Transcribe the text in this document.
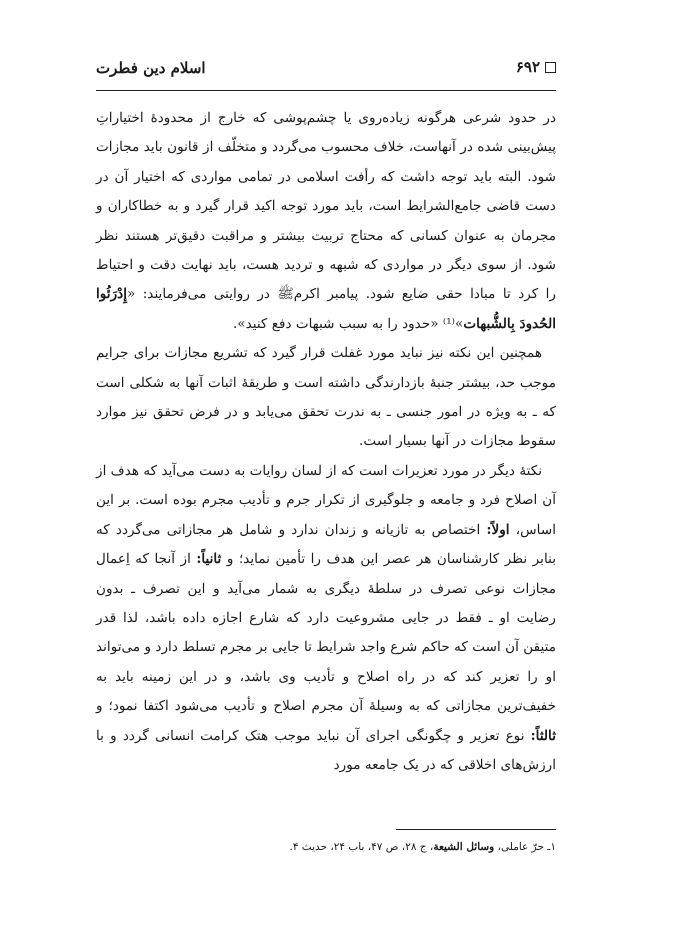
۶۹۲
اسلام دین فطرت

در حدود شرعی هرگونه زیاده‌روی یا چشم‌پوشی که خارج از محدودهٔ اختیاراتِ پیش‌بینی شده در آنهاست، خلاف محسوب می‌گردد و متخلّف از قانون باید مجازات شود. البته باید توجه داشت که رأفت اسلامی در تمامی مواردی که اختیار آن در دست قاضی جامع‌الشرایط است، باید مورد توجه اکید قرار گیرد و به خطاکاران و مجرمان به عنوان کسانی که محتاج تربیت بیشتر و مراقبت دقیق‌تر هستند نظر شود. از سوی دیگر در مواردی که شبهه و تردید هست، باید نهایت دقت و احتیاط را کرد تا مبادا حقی ضایع شود. پیامبر اکرمﷺ در روایتی می‌فرمایند: «إِدْرَئُوا الحُدودَ بِالشُّبهات»⁽¹⁾ «حدود را به سبب شبهات دفع کنید».

همچنین این نکته نیز نباید مورد غفلت قرار گیرد که تشریع مجازات برای جرایم موجب حد، بیشتر جنبهٔ بازدارندگی داشته است و طریقهٔ اثبات آنها به شکلی است که ـ به ویژه در امور جنسی ـ به ندرت تحقق می‌یابد و در فرض تحقق نیز موارد سقوط مجازات در آنها بسیار است.

نکتهٔ دیگر در مورد تعزیرات است که از لسان روایات به دست می‌آید که هدف از آن اصلاح فرد و جامعه و جلوگیری از تکرار جرم و تأدیب مجرم بوده است. بر این اساس، اولاً: اختصاص به تازیانه و زندان ندارد و شامل هر مجازاتی می‌گردد که بنابر نظر کارشناسان هر عصر این هدف را تأمین نماید؛ و ثانیاً: از آنجا که اِعمال مجازات نوعی تصرف در سلطهٔ دیگری به شمار می‌آید و این تصرف ـ بدون رضایت او ـ فقط در جایی مشروعیت دارد که شارع اجازه داده باشد، لذا قدر متیقن آن است که حاکم شرع واجد شرایط تا جایی بر مجرم تسلط دارد و می‌تواند او را تعزیر کند که در راه اصلاح و تأدیب وی باشد، و در این زمینه باید به خفیف‌ترین مجازاتی که به وسیلهٔ آن مجرم اصلاح و تأدیب می‌شود اکتفا نمود؛ و ثالثاً: نوع تعزیر و چگونگی اجرای آن نباید موجب هتک کرامت انسانی گردد و با ارزش‌های اخلاقی که در یک جامعه مورد

۱ـ حرّ عاملی، وسائل الشیعة، ج ۲۸، ص ۴۷، باب ۲۴، حدیث ۴.
